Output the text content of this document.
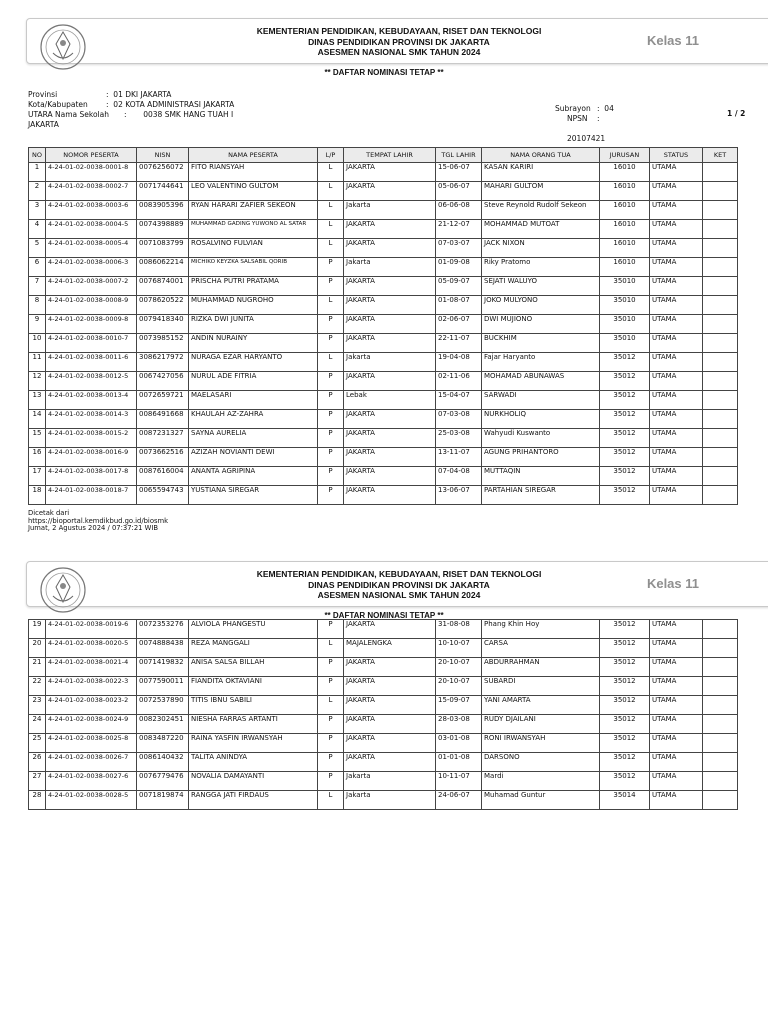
KEMENTERIAN PENDIDIKAN, KEBUDAYAAN, RISET DAN TEKNOLOGI
DINAS PENDIDIKAN PROVINSI DK JAKARTA
ASESMEN NASIONAL SMK TAHUN 2024
Kelas 11
** DAFTAR NOMINASI TETAP **
Provinsi	:  01 DKI JAKARTA
Kota/Kabupaten :  02 KOTA ADMINISTRASI JAKARTA
UTARA Nama Sekolah :       0038 SMK HANG TUAH I
JAKARTA
Subrayon :  04
NPSN :
20107421
1 / 2
NO	NOMOR PESERTA	NISN	NAMA PESERTA	L/P	TEMPAT LAHIR	TGL LAHIR	NAMA ORANG TUA	JURUSAN	STATUS	KET
1	4-24-01-02-0038-0001-8	0076256072	FITO RIANSYAH	L	JAKARTA	15-06-07	KASAN KARIRI	16010	UTAMA	
2	4-24-01-02-0038-0002-7	0071744641	LEO VALENTINO GULTOM	L	JAKARTA	05-06-07	MAHARI GULTOM	16010	UTAMA	
3	4-24-01-02-0038-0003-6	0083905396	RYAN HARARI ZAFIER SEKEON	L	Jakarta	06-06-08	Steve Reynold Rudolf Sekeon	16010	UTAMA	
4	4-24-01-02-0038-0004-5	0074398889	MUHAMMAD GADING YUWONO AL SATAR	L	JAKARTA	21-12-07	MOHAMMAD MUTOAT	16010	UTAMA	
5	4-24-01-02-0038-0005-4	0071083799	ROSALVINO FULVIAN	L	JAKARTA	07-03-07	JACK NIXON	16010	UTAMA	
6	4-24-01-02-0038-0006-3	0086062214	MICHIKO KEYZKA SALSABIL QORIB	P	Jakarta	01-09-08	Riky Pratomo	16010	UTAMA	
7	4-24-01-02-0038-0007-2	0076874001	PRISCHA PUTRI PRATAMA	P	JAKARTA	05-09-07	SEJATI WALUYO	35010	UTAMA	
8	4-24-01-02-0038-0008-9	0078620522	MUHAMMAD NUGROHO	L	JAKARTA	01-08-07	JOKO MULYONO	35010	UTAMA	
9	4-24-01-02-0038-0009-8	0079418340	RIZKA DWI JUNITA	P	JAKARTA	02-06-07	DWI MUJIONO	35010	UTAMA	
10	4-24-01-02-0038-0010-7	0073985152	ANDIN NURAINY	P	JAKARTA	22-11-07	BUCKHIM	35010	UTAMA	
11	4-24-01-02-0038-0011-6	3086217972	NURAGA EZAR HARYANTO	L	Jakarta	19-04-08	Fajar Haryanto	35012	UTAMA	
12	4-24-01-02-0038-0012-5	0067427056	NURUL ADE FITRIA	P	JAKARTA	02-11-06	MOHAMAD ABUNAWAS	35012	UTAMA	
13	4-24-01-02-0038-0013-4	0072659721	MAELASARI	P	Lebak	15-04-07	SARWADI	35012	UTAMA	
14	4-24-01-02-0038-0014-3	0086491668	KHAULAH AZ-ZAHRA	P	JAKARTA	07-03-08	NURKHOLIQ	35012	UTAMA	
15	4-24-01-02-0038-0015-2	0087231327	SAYNA AURELIA	P	JAKARTA	25-03-08	Wahyudi Kuswanto	35012	UTAMA	
16	4-24-01-02-0038-0016-9	0073662516	AZIZAH NOVIANTI DEWI	P	JAKARTA	13-11-07	AGUNG PRIHANTORO	35012	UTAMA	
17	4-24-01-02-0038-0017-8	0087616004	ANANTA AGRIPINA	P	JAKARTA	07-04-08	MUTTAQIN	35012	UTAMA	
18	4-24-01-02-0038-0018-7	0065594743	YUSTIANA SIREGAR	P	JAKARTA	13-06-07	PARTAHIAN SIREGAR	35012	UTAMA	
Dicetak dari
https://bioportal.kemdikbud.go.id/biosmk
Jumat, 2 Agustus 2024 / 07:37:21 WIB
KEMENTERIAN PENDIDIKAN, KEBUDAYAAN, RISET DAN TEKNOLOGI
DINAS PENDIDIKAN PROVINSI DK JAKARTA
ASESMEN NASIONAL SMK TAHUN 2024
Kelas 11
** DAFTAR NOMINASI TETAP **
19	4-24-01-02-0038-0019-6	0072353276	ALVIOLA PHANGESTU	P	JAKARTA	31-08-08	Phang Khin Hoy	35012	UTAMA	
20	4-24-01-02-0038-0020-5	0074888438	REZA MANGGALI	L	MAJALENGKA	10-10-07	CARSA	35012	UTAMA	
21	4-24-01-02-0038-0021-4	0071419832	ANISA SALSA BILLAH	P	JAKARTA	20-10-07	ABDURRAHMAN	35012	UTAMA	
22	4-24-01-02-0038-0022-3	0077590011	FIANDITA OKTAVIANI	P	JAKARTA	20-10-07	SUBARDI	35012	UTAMA	
23	4-24-01-02-0038-0023-2	0072537890	TITIS IBNU SABILI	L	JAKARTA	15-09-07	YANI AMARTA	35012	UTAMA	
24	4-24-01-02-0038-0024-9	0082302451	NIESHA FARRAS ARTANTI	P	JAKARTA	28-03-08	RUDY DJAILANI	35012	UTAMA	
25	4-24-01-02-0038-0025-8	0083487220	RAINA YASFIN IRWANSYAH	P	JAKARTA	03-01-08	RONI IRWANSYAH	35012	UTAMA	
26	4-24-01-02-0038-0026-7	0086140432	TALITA ANINDYA	P	JAKARTA	01-01-08	DARSONO	35012	UTAMA	
27	4-24-01-02-0038-0027-6	0076779476	NOVALIA DAMAYANTI	P	Jakarta	10-11-07	Mardi	35012	UTAMA	
28	4-24-01-02-0038-0028-5	0071819874	RANGGA JATI FIRDAUS	L	Jakarta	24-06-07	Muhamad Guntur	35014	UTAMA	
